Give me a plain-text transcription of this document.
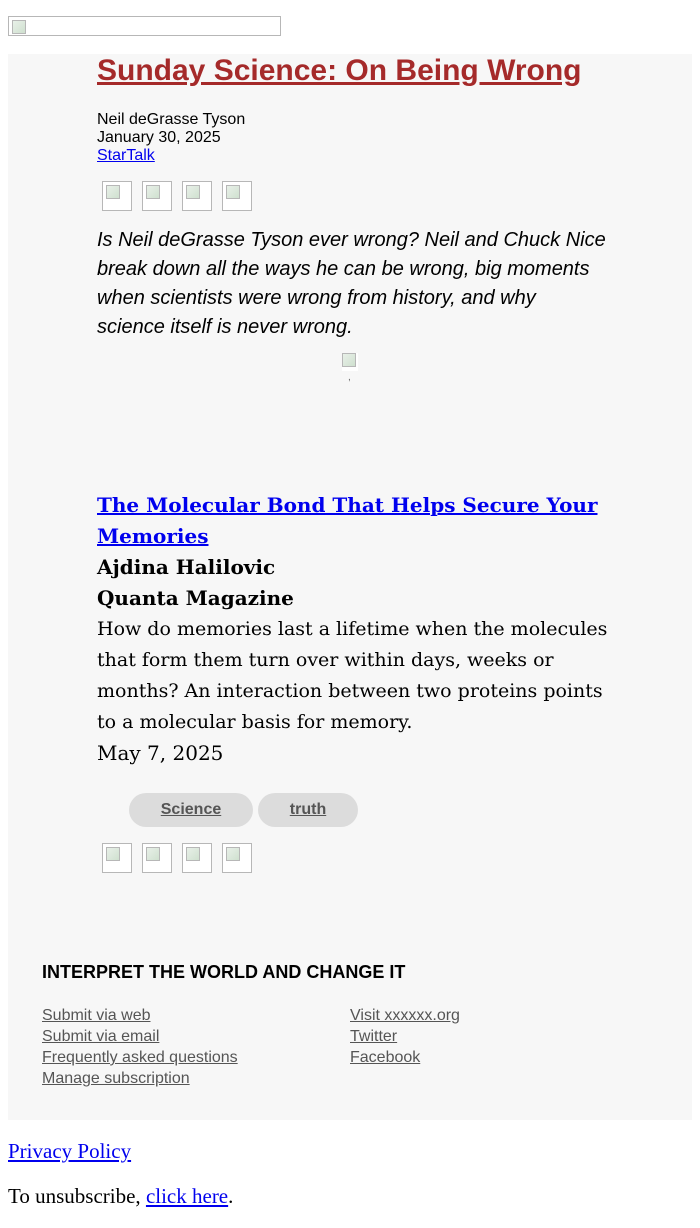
Sunday Science: On Being Wrong
Neil deGrasse Tyson
January 30, 2025
StarTalk

Is Neil deGrasse Tyson ever wrong? Neil and Chuck Nice break down all the ways he can be wrong, big moments when scientists were wrong from history, and why science itself is never wrong.

,
The Molecular Bond That Helps Secure Your Memories

Ajdina Halilovic

Quanta Magazine

How do memories last a lifetime when the molecules that form them turn over within days, weeks or months? An interaction between two proteins points to a molecular basis for memory.

May 7, 2025

Science	truth
INTERPRET THE WORLD AND CHANGE IT
Submit via web
Submit via email
Frequently asked questions
Manage subscription
Visit xxxxxx.org
Twitter
Facebook
Privacy Policy
To unsubscribe, click here.
